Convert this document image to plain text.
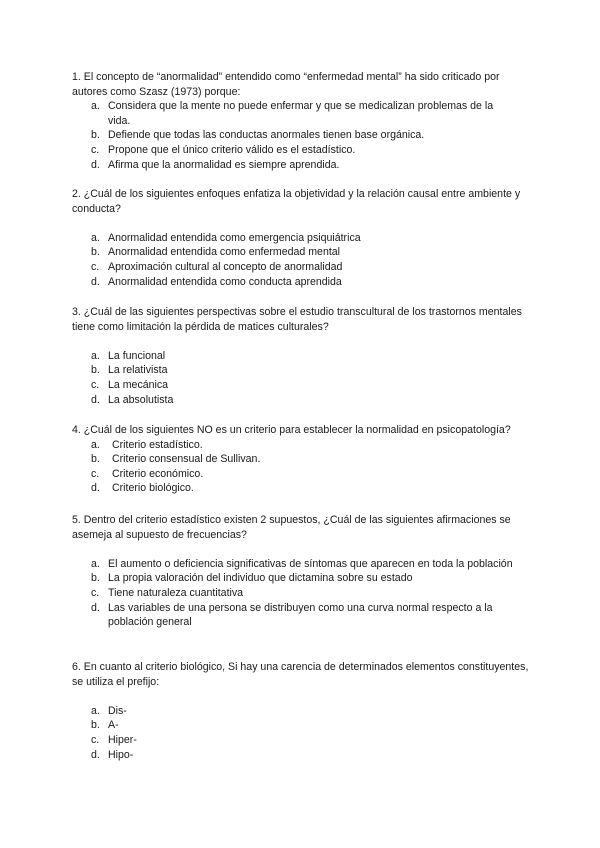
1. El concepto de “anormalidad” entendido como “enfermedad mental” ha sido criticado por autores como Szasz (1973) porque:

a. Considera que la mente no puede enfermar y que se medicalizan problemas de la vida.
b. Defiende que todas las conductas anormales tienen base orgánica.
c. Propone que el único criterio válido es el estadístico.
d. Afirma que la anormalidad es siempre aprendida.

2. ¿Cuál de los siguientes enfoques enfatiza la objetividad y la relación causal entre ambiente y conducta?

a. Anormalidad entendida como emergencia psiquiátrica
b. Anormalidad entendida como enfermedad mental
c. Aproximación cultural al concepto de anormalidad
d. Anormalidad entendida como conducta aprendida

3. ¿Cuál de las siguientes perspectivas sobre el estudio transcultural de los trastornos mentales tiene como limitación la pérdida de matices culturales?

a. La funcional
b. La relativista
c. La mecánica
d. La absolutista

4. ¿Cuál de los siguientes NO es un criterio para establecer la normalidad en psicopatología?

a.	Criterio estadístico.
b.	Criterio consensual de Sullivan.
c.	Criterio económico.
d.	Criterio biológico.

5. Dentro del criterio estadístico existen 2 supuestos, ¿Cuál de las siguientes afirmaciones se asemeja al supuesto de frecuencias?

a. El aumento o deficiencia significativas de síntomas que aparecen en toda la población
b. La propia valoración del individuo que dictamina sobre su estado
c. Tiene naturaleza cuantitativa
d. Las variables de una persona se distribuyen como una curva normal respecto a la población general

6. En cuanto al criterio biológico, Si hay una carencia de determinados elementos constituyentes, se utiliza el prefijo:

a. Dis-
b. A-
c. Hiper-
d. Hipo-
